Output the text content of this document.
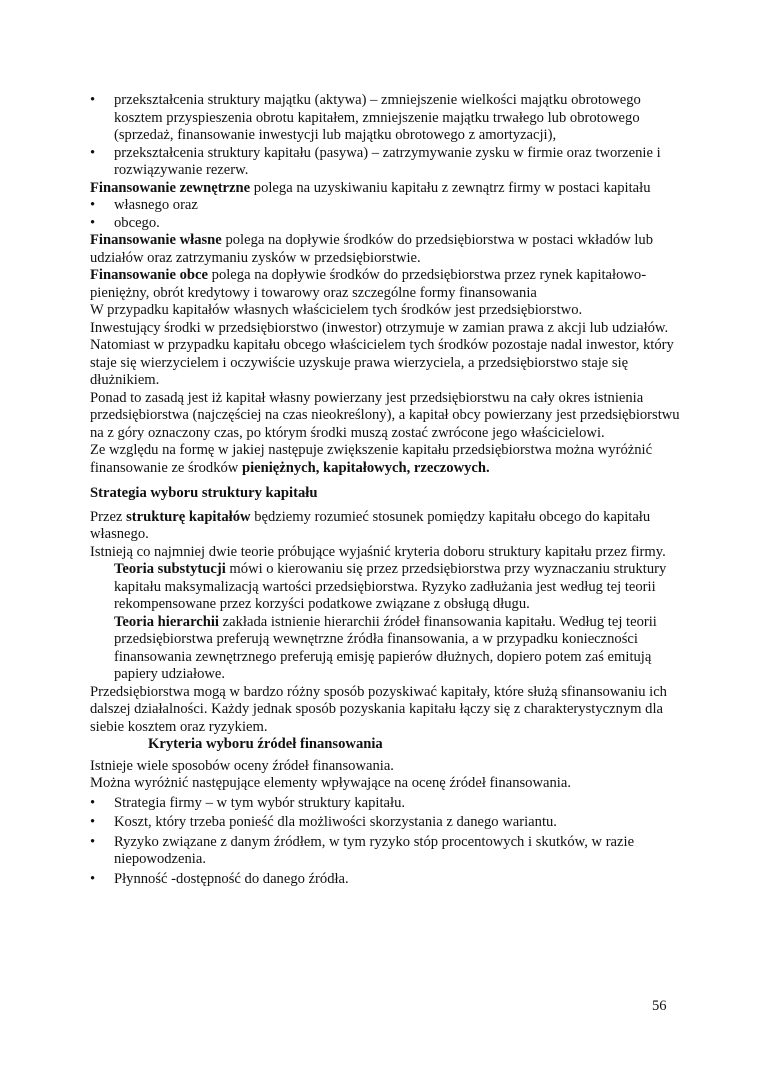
• przekształcenia struktury majątku (aktywa) – zmniejszenie wielkości majątku obrotowego kosztem przyspieszenia obrotu kapitałem, zmniejszenie majątku trwałego lub obrotowego (sprzedaż, finansowanie inwestycji lub majątku obrotowego z amortyzacji),
• przekształcenia struktury kapitału (pasywa) – zatrzymywanie zysku w firmie oraz tworzenie i rozwiązywanie rezerw.

Finansowanie zewnętrzne polega na uzyskiwaniu kapitału z zewnątrz firmy w postaci kapitału

• własnego oraz
• obcego.

Finansowanie własne polega na dopływie środków do przedsiębiorstwa w postaci wkładów lub udziałów oraz zatrzymaniu zysków w przedsiębiorstwie.

Finansowanie obce polega na dopływie środków do przedsiębiorstwa przez rynek kapitałowo-pieniężny, obrót kredytowy i towarowy oraz szczególne formy finansowania

W przypadku kapitałów własnych właścicielem tych środków jest przedsiębiorstwo.

Inwestujący środki w przedsiębiorstwo (inwestor) otrzymuje w zamian prawa z akcji lub udziałów.

Natomiast w przypadku kapitału obcego właścicielem tych środków pozostaje nadal inwestor, który staje się wierzycielem i oczywiście uzyskuje prawa wierzyciela, a przedsiębiorstwo staje się dłużnikiem.

Ponad to zasadą jest iż kapitał własny powierzany jest przedsiębiorstwu na cały okres istnienia przedsiębiorstwa (najczęściej na czas nieokreślony), a kapitał obcy powierzany jest przedsiębiorstwu na z góry oznaczony czas, po którym środki muszą zostać zwrócone jego właścicielowi.

Ze względu na formę w jakiej następuje zwiększenie kapitału przedsiębiorstwa można wyróżnić finansowanie ze środków pieniężnych, kapitałowych, rzeczowych.

Strategia wyboru struktury kapitału

Przez strukturę kapitałów będziemy rozumieć stosunek pomiędzy kapitału obcego do kapitału własnego.

Istnieją co najmniej dwie teorie próbujące wyjaśnić kryteria doboru struktury kapitału przez firmy.

Teoria substytucji mówi o kierowaniu się przez przedsiębiorstwa przy wyznaczaniu struktury kapitału maksymalizacją wartości przedsiębiorstwa. Ryzyko zadłużania jest według tej teorii rekompensowane przez korzyści podatkowe związane z obsługą długu.

Teoria hierarchii zakłada istnienie hierarchii źródeł finansowania kapitału. Według tej teorii przedsiębiorstwa preferują wewnętrzne źródła finansowania, a w przypadku konieczności finansowania zewnętrznego preferują emisję papierów dłużnych, dopiero potem zaś emitują papiery udziałowe.

Przedsiębiorstwa mogą w bardzo różny sposób pozyskiwać kapitały, które służą sfinansowaniu ich dalszej działalności. Każdy jednak sposób pozyskania kapitału łączy się z charakterystycznym dla siebie kosztem oraz ryzykiem.

Kryteria wyboru źródeł finansowania

Istnieje wiele sposobów oceny źródeł finansowania.

Można wyróżnić następujące elementy wpływające na ocenę źródeł finansowania.

• Strategia firmy – w tym wybór struktury kapitału.
• Koszt, który trzeba ponieść dla możliwości skorzystania z danego wariantu.
• Ryzyko związane z danym źródłem, w tym ryzyko stóp procentowych i skutków, w razie niepowodzenia.
• Płynność -dostępność do danego źródła.
56
